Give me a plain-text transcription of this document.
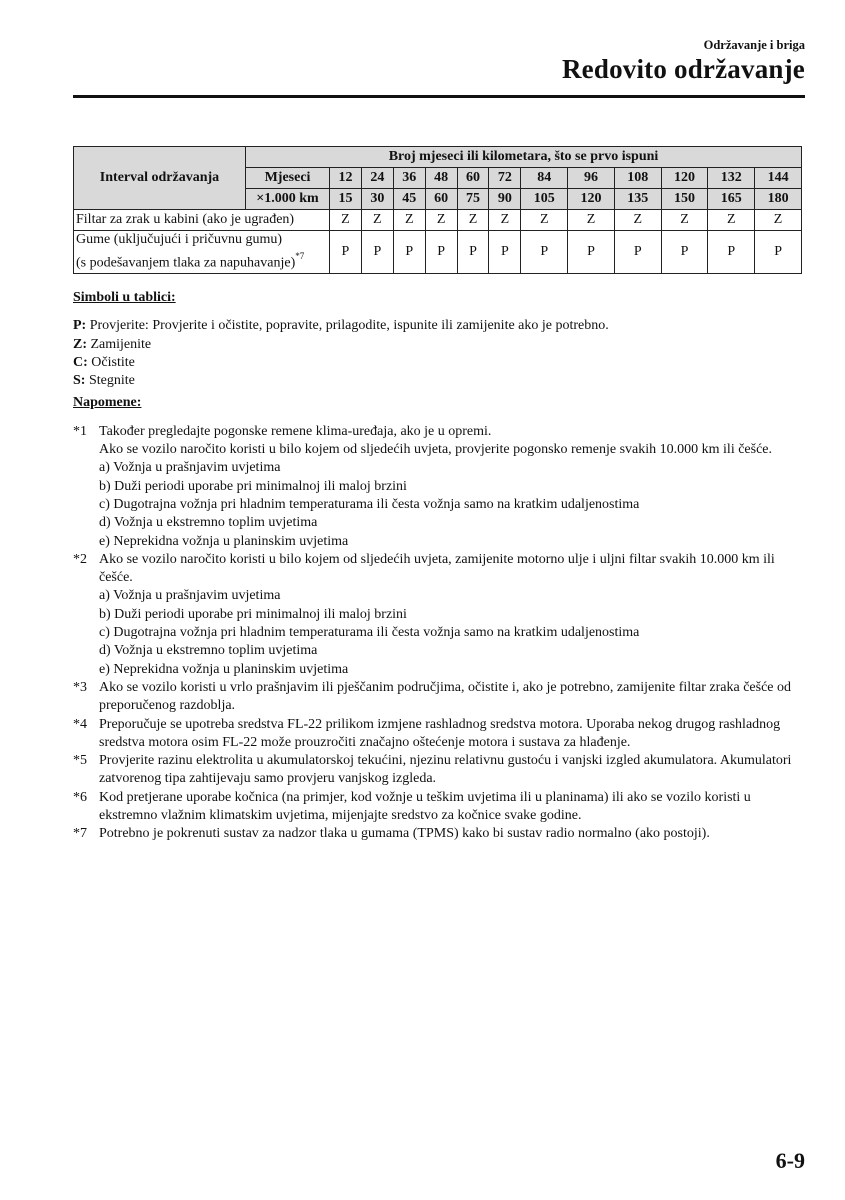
Održavanje i briga
Redovito održavanje
Interval održavanja	Broj mjeseci ili kilometara, što se prvo ispuni												
	Mjeseci	12	24	36	48	60	72	84	96	108	120	132	144
	×1.000 km	15	30	45	60	75	90	105	120	135	150	165	180
Filtar za zrak u kabini (ako je ugrađen)		Z	Z	Z	Z	Z	Z	Z	Z	Z	Z	Z	Z
Gume (uključujući i pričuvnu gumu)
(s podešavanjem tlaka za napuhavanje)$^{*7}$		P	P	P	P	P	P	P	P	P	P	P	P
Simboli u tablici:
P: Provjerite: Provjerite i očistite, popravite, prilagodite, ispunite ili zamijenite ako je potrebno.
Z: Zamijenite
C: Očistite
S: Stegnite
Napomene:
*1 Također pregledajte pogonske remene klima-uređaja, ako je u opremi.
Ako se vozilo naročito koristi u bilo kojem od sljedećih uvjeta, provjerite pogonsko remenje svakih 10.000 km ili češće.
a) Vožnja u prašnjavim uvjetima
b) Duži periodi uporabe pri minimalnoj ili maloj brzini
c) Dugotrajna vožnja pri hladnim temperaturama ili česta vožnja samo na kratkim udaljenostima
d) Vožnja u ekstremno toplim uvjetima
e) Neprekidna vožnja u planinskim uvjetima
*2 Ako se vozilo naročito koristi u bilo kojem od sljedećih uvjeta, zamijenite motorno ulje i uljni filtar svakih 10.000 km ili češće.
a) Vožnja u prašnjavim uvjetima
b) Duži periodi uporabe pri minimalnoj ili maloj brzini
c) Dugotrajna vožnja pri hladnim temperaturama ili česta vožnja samo na kratkim udaljenostima
d) Vožnja u ekstremno toplim uvjetima
e) Neprekidna vožnja u planinskim uvjetima
*3 Ako se vozilo koristi u vrlo prašnjavim ili pješčanim područjima, očistite i, ako je potrebno, zamijenite filtar zraka češće od preporučenog razdoblja.
*4 Preporučuje se upotreba sredstva FL-22 prilikom izmjene rashladnog sredstva motora. Uporaba nekog drugog rashladnog sredstva motora osim FL-22 može prouzročiti značajno oštećenje motora i sustava za hlađenje.
*5 Provjerite razinu elektrolita u akumulatorskoj tekućini, njezinu relativnu gustoću i vanjski izgled akumulatora. Akumulatori zatvorenog tipa zahtijevaju samo provjeru vanjskog izgleda.
*6 Kod pretjerane uporabe kočnica (na primjer, kod vožnje u teškim uvjetima ili u planinama) ili ako se vozilo koristi u ekstremno vlažnim klimatskim uvjetima, mijenjajte sredstvo za kočnice svake godine.
*7 Potrebno je pokrenuti sustav za nadzor tlaka u gumama (TPMS) kako bi sustav radio normalno (ako postoji).
6-9
